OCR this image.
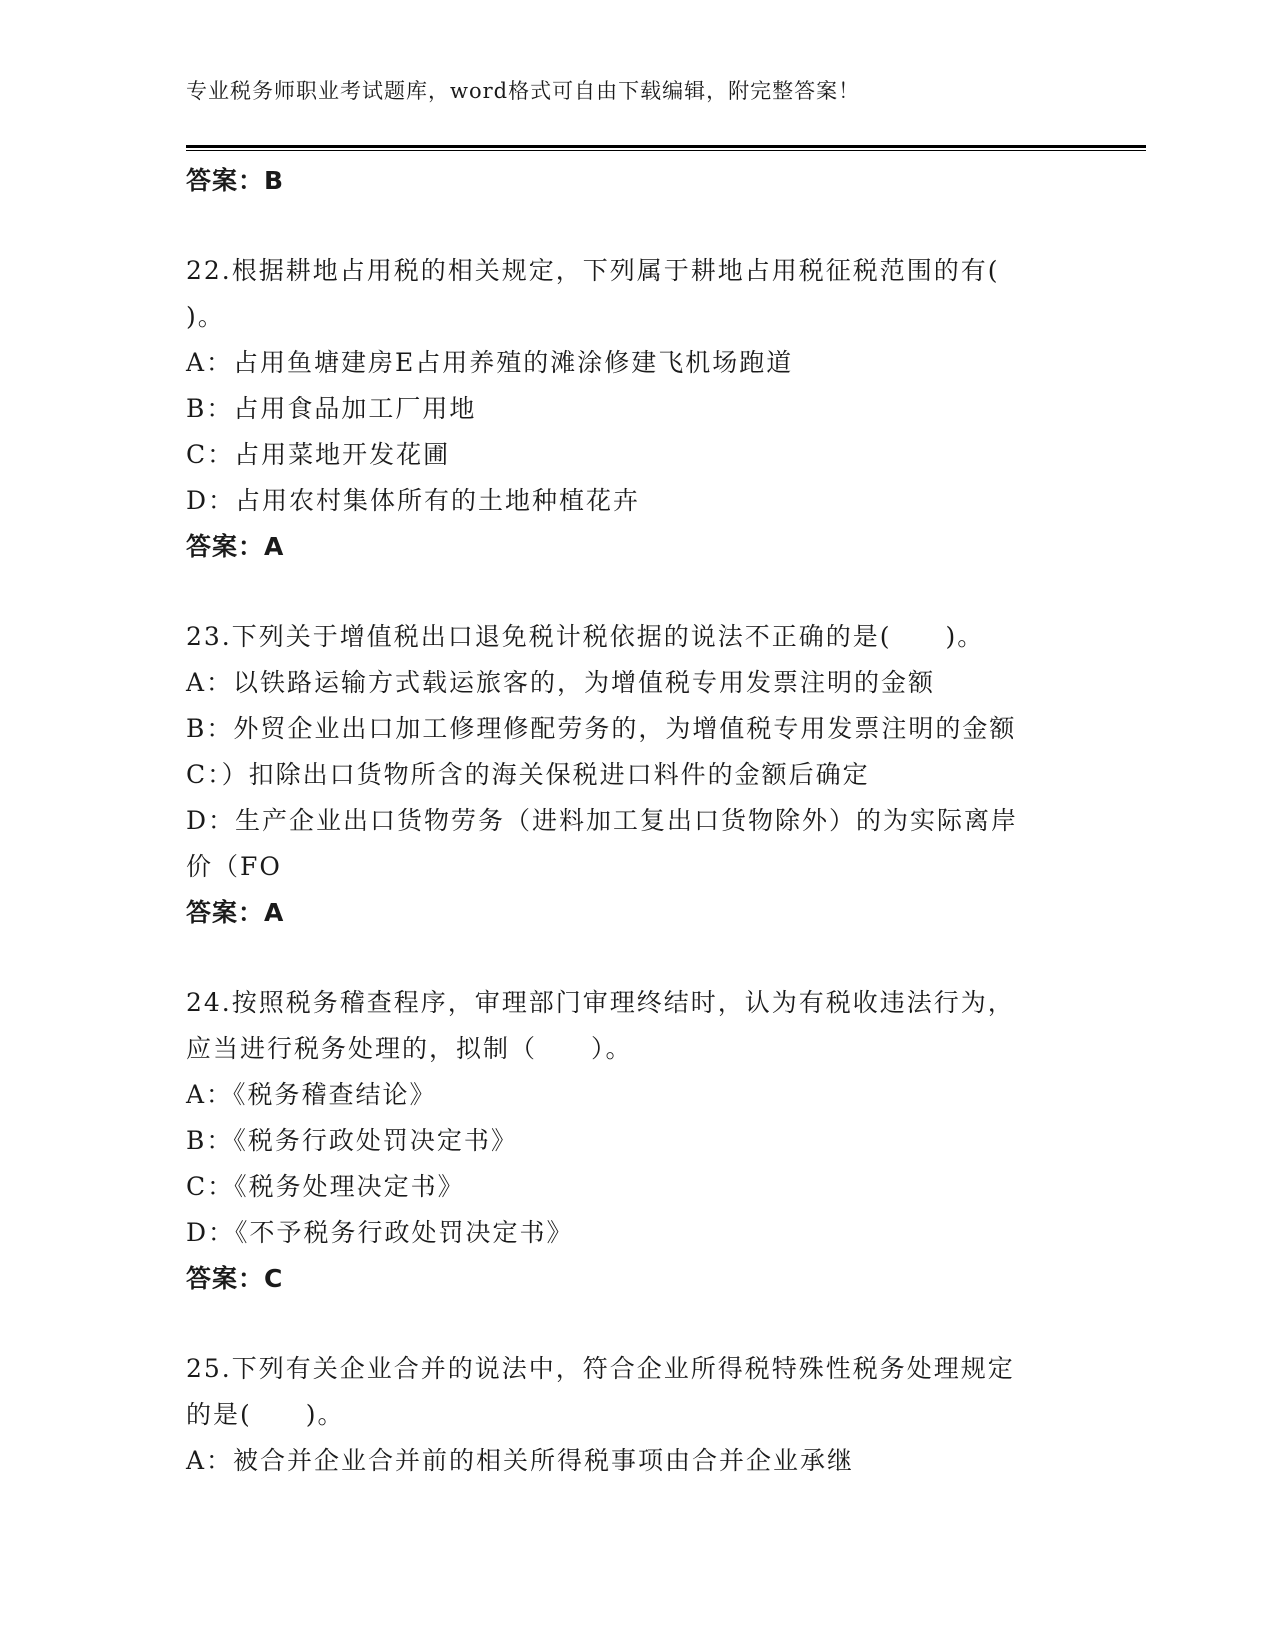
专业税务师职业考试题库，word格式可自由下载编辑，附完整答案！
答案：B
22.根据耕地占用税的相关规定，下列属于耕地占用税征税范围的有(
)。
A：占用鱼塘建房E占用养殖的滩涂修建飞机场跑道
B：占用食品加工厂用地
C：占用菜地开发花圃
D：占用农村集体所有的土地种植花卉
答案：A
23.下列关于增值税出口退免税计税依据的说法不正确的是(　　)。
A：以铁路运输方式载运旅客的，为增值税专用发票注明的金额
B：外贸企业出口加工修理修配劳务的，为增值税专用发票注明的金额
C：）扣除出口货物所含的海关保税进口料件的金额后确定
D：生产企业出口货物劳务（进料加工复出口货物除外）的为实际离岸
价（FO
答案：A
24.按照税务稽查程序，审理部门审理终结时，认为有税收违法行为，
应当进行税务处理的，拟制（　　）。
A：《税务稽查结论》
B：《税务行政处罚决定书》
C：《税务处理决定书》
D：《不予税务行政处罚决定书》
答案：C
25.下列有关企业合并的说法中，符合企业所得税特殊性税务处理规定
的是(　　)。
A：被合并企业合并前的相关所得税事项由合并企业承继
